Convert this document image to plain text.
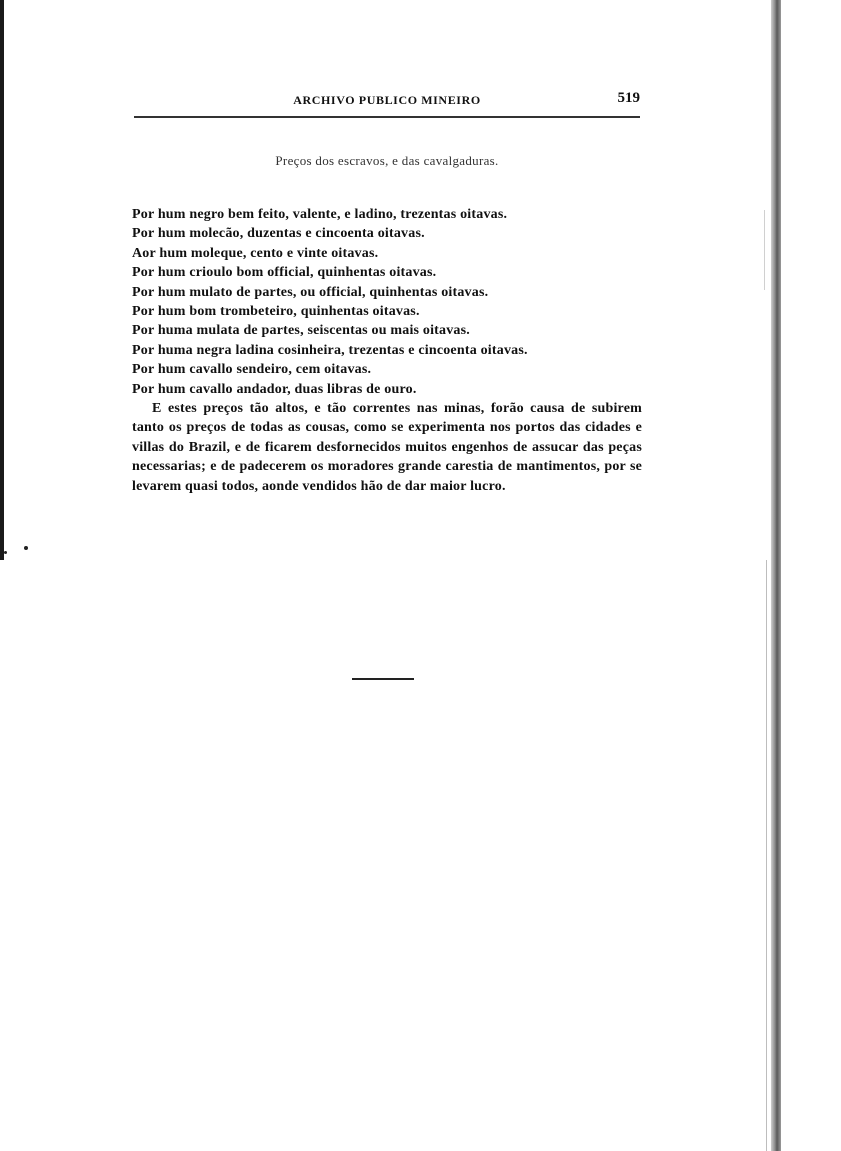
ARCHIVO PUBLICO MINEIRO	519
Preços dos escravos, e das cavalgaduras.

Por hum negro bem feito, valente, e ladino, trezentas oitavas.

Por hum molecão, duzentas e cincoenta oitavas.

Aor hum moleque, cento e vinte oitavas.

Por hum crioulo bom official, quinhentas oitavas.

Por hum mulato de partes, ou official, quinhentas oitavas.

Por hum bom trombeteiro, quinhentas oitavas.

Por huma mulata de partes, seiscentas ou mais oitavas.

Por huma negra ladina cosinheira, trezentas e cincoenta oitavas.

Por hum cavallo sendeiro, cem oitavas.

Por hum cavallo andador, duas libras de ouro.

E estes preços tão altos, e tão correntes nas minas, forão causa de subirem tanto os preços de todas as cousas, como se experimenta nos portos das cidades e villas do Brazil, e de ficarem desfornecidos muitos engenhos de assucar das peças necessarias; e de padecerem os moradores grande carestia de mantimentos, por se levarem quasi todos, aonde vendidos hão de dar maior lucro.
